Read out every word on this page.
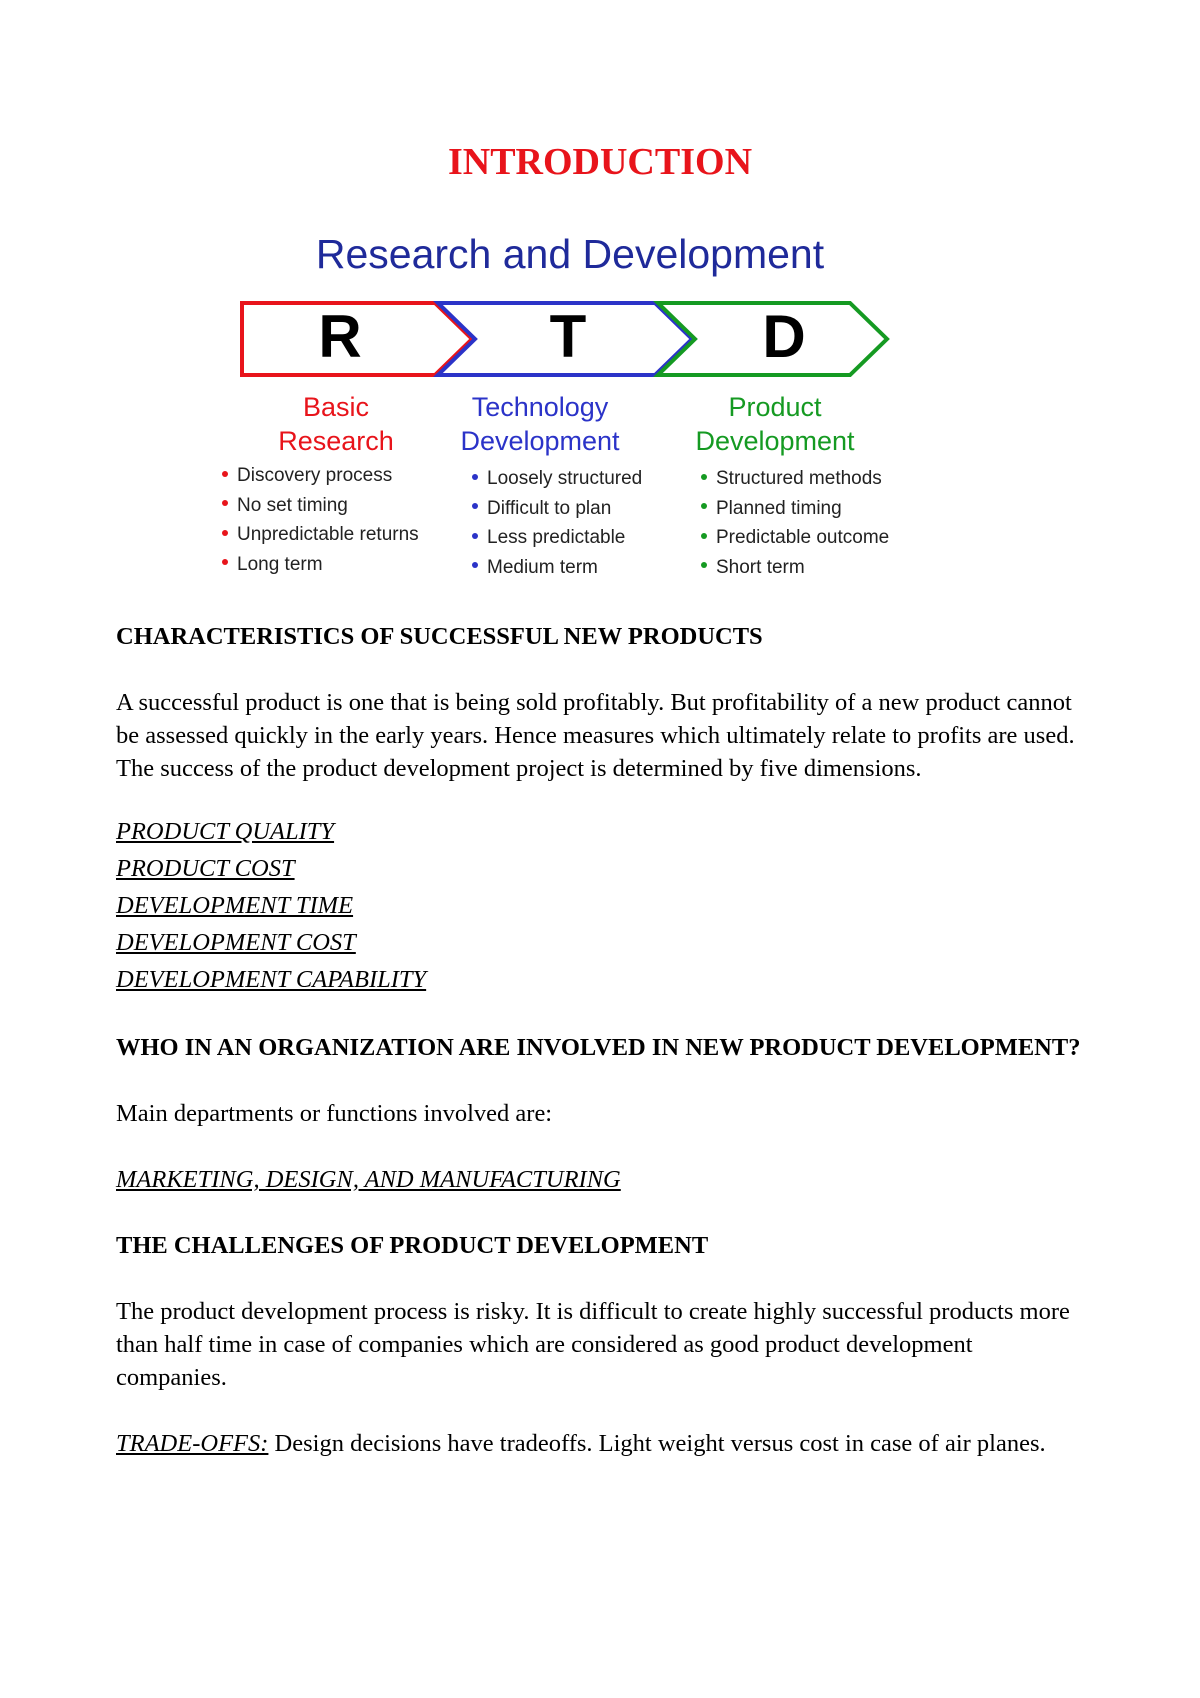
INTRODUCTION
Research and Development
R	T	D
Basic
Research
Technology
Development
Product
Development
Discovery process
No set timing
Unpredictable returns
Long term
Loosely structured
Difficult to plan
Less predictable
Medium term
Structured methods
Planned timing
Predictable outcome
Short term

CHARACTERISTICS OF SUCCESSFUL NEW PRODUCTS

A successful product is one that is being sold profitably. But profitability of a new product cannot be assessed quickly in the early years. Hence measures which ultimately relate to profits are used.

The success of the product development project is determined by five dimensions.

PRODUCT QUALITY

PRODUCT COST

DEVELOPMENT TIME

DEVELOPMENT COST

DEVELOPMENT CAPABILITY

WHO IN AN ORGANIZATION ARE INVOLVED IN NEW PRODUCT DEVELOPMENT?

Main departments or functions involved are:

MARKETING, DESIGN, AND MANUFACTURING

THE CHALLENGES OF PRODUCT DEVELOPMENT

The product development process is risky. It is difficult to create highly successful products more than half time in case of companies which are considered as good product development companies.

TRADE-OFFS: Design decisions have tradeoffs. Light weight versus cost in case of air planes.
